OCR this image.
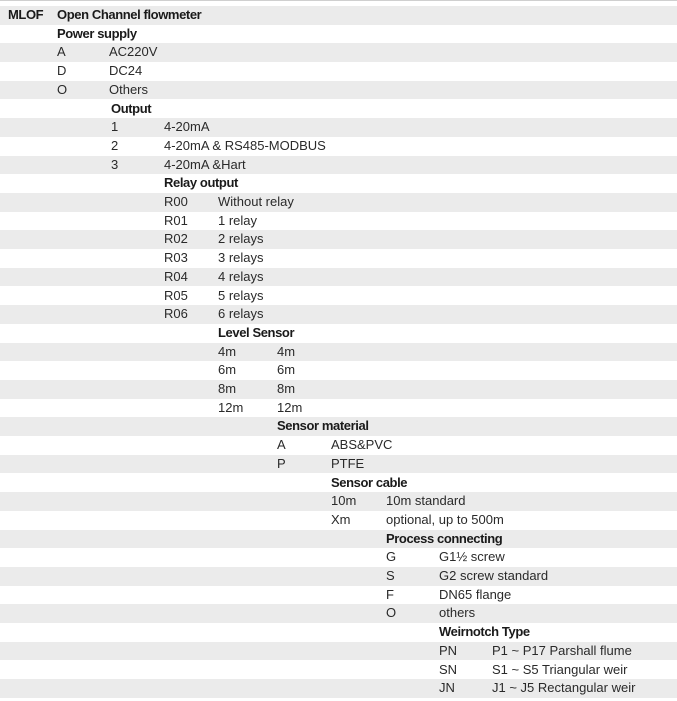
MLOF Open Channel flowmeter
Power supply
A	AC220V
D	DC24
O	Others
Output
1	4-20mA
2	4-20mA & RS485-MODBUS
3	4-20mA &Hart
Relay output
R00 Without relay
R01 1 relay
R02 2 relays
R03 3 relays
R04 4 relays
R05 5 relays
R06 6 relays
Level Sensor
4m	4m
6m	6m
8m	8m
12m	12m
Sensor material
A	ABS&PVC
P	PTFE
Sensor cable
10m 10m standard
Xm	optional, up to 500m
Process connecting
G	G1½ screw
S	G2 screw standard
F	DN65 flange
O	others
Weirnotch Type
PN	P1 ~ P17 Parshall flume
SN	S1 ~ S5 Triangular weir
JN	J1 ~ J5 Rectangular weir
